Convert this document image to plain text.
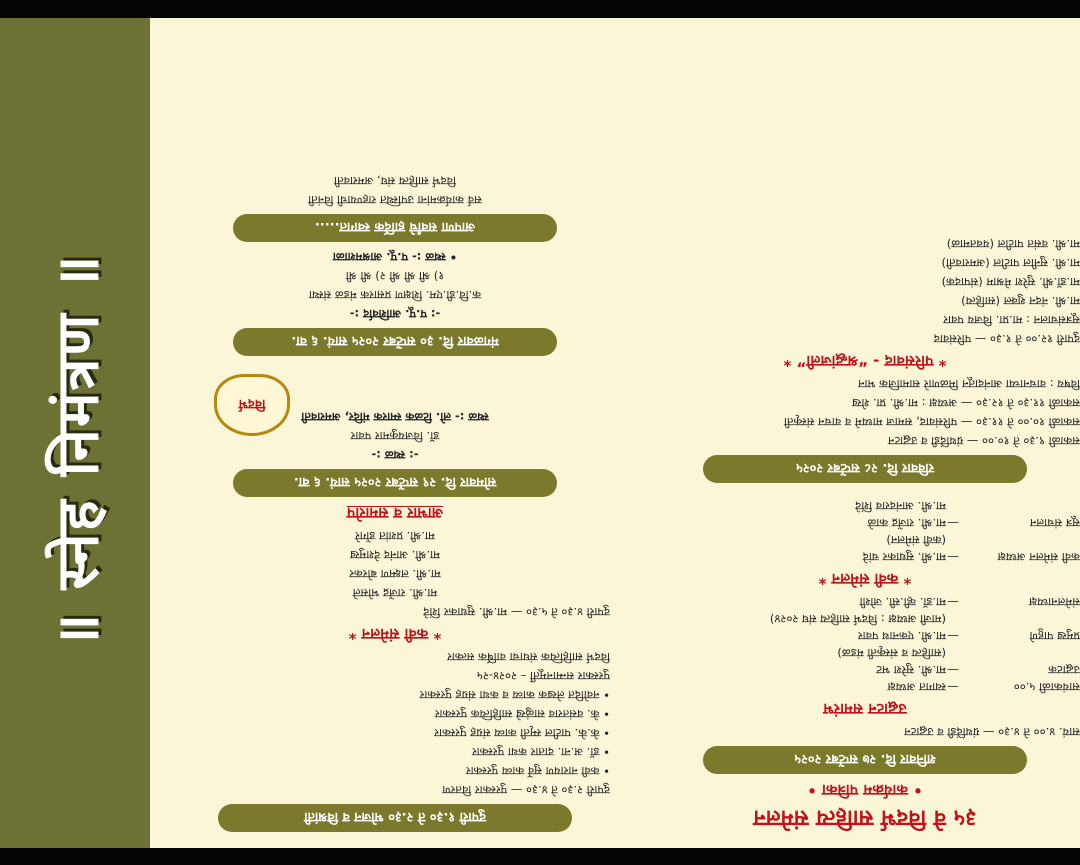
॥ स्नेह निमंत्रण ॥
३५ वे विदर्भ साहित्य संमेलन
• कार्यक्रम पत्रिका •
शनिवार दि. २७ सप्टेंबर २०२५
सायं. ४.०० ते ४.३० — ग्रंथदिंडी व उद्घाटन
उद्घाटन समारंभ
सायंकाळी ५.००
—
स्वागत अध्यक्ष
उद्घाटक
—
मा.श्री. सुरेश भट
(साहित्य व संस्कृती मंडळ)
प्रमुख पाहुणे
—
मा.श्री. एकनाथ पवार
(माजी अध्यक्ष : विदर्भ साहित्य संघ २०२४)
संमेलनाध्यक्ष
—
मा.डॉ. व्ही.सी. जोशी
* कवी संमेलन *
कवी संमेलन अध्यक्ष
—
मा.श्री. सुधाकर चांदे
(कवी संमेलन)
सूत्र संचालन
—
मा.श्री. राजेंद्र काळे
मा.श्री. आनंदराव शिंदे
रविवार दि. २८ सप्टेंबर २०२५
सकाळी ९.३० ते १०.०० — ग्रंथदिंडी व उद्घाटन
सकाळी १०.०० ते ११.३० — परिसंवाद, समाज माध्यमे व वाचन संस्कृती
सकाळी ११.३० ते १२.३० — अध्यक्ष : मा.श्री. प्रा. शेख
विषय : वाचनाच्या आनंदातून मिळणारे सामाजिक भान
* परिसंवाद - “श्रद्धांजली” *
दुपारी १२.०० ते १.३० — परिसंवाद
सूत्रसंचालन : मा.प्रा. विजय पवार
मा.श्री. नंदन शुक्ल (साहित्य)
मा.डॉ.श्री. सुरेश मेश्राम (संपादक)
मा.श्री. सुनील पाटील (अमरावती)
मा.श्री. वसंत पाटील (यवतमाळ)
दुपारी १.३० ते २.३० भोजन व विश्रांती
दुपारी २.३० ते ४.३० — पुरस्कार वितरण
• कवी नारायण सुर्वे काव्य पुरस्कार
• डॉ. अ.ना. दातार कथा पुरस्कार
• के.के. पाटील स्मृती काव्य संग्रह पुरस्कार
• के. वसंतराव साळुंखे साहित्यिक पुरस्कार
• नवोदित लेखक काव्य व कथा संग्रह पुरस्कार
पुरस्कार सन्मानमूर्ती – २०२४-२५
विदर्भ साहित्यिक संघाचा वार्षिक सत्कार
* कवी संमेलन *
दुपारी ४.३० ते ५.३० — मा.श्री. सुधाकर शिंदे
मा.श्री. राजेंद्र भोसले
मा.श्री. लक्ष्मण बोरकर
मा.श्री. आनंद देशमुख
मा.श्री. प्रशांत डोंगरे
आभार व समारोप
सोमवार दि. २९ सप्टेंबर २०२५ सायं. ६ वा.
-: स्थळ :-
डॉ. विजयकुमार पवार
स्थळ :- लो. टिळक स्मारक मंदिर, अमरावती
विदर्भ
मंगळवार दि. ३० सप्टेंबर २०२५ सायं. ६ वा.
-: प.पू. आशिर्वाद :-
क.वि.डी.एम. शिक्षण प्रसारक मंडळ संस्था
१) श्री श्री श्री २) श्री श्री
• स्थळ :- प.पू. आश्रमशाळा
आपणा सर्वांचे हार्दिक स्वागत.....
सर्व कार्यक्रमांना उपस्थित राहण्याची विनंती
विदर्भ साहित्य संघ, अमरावती
